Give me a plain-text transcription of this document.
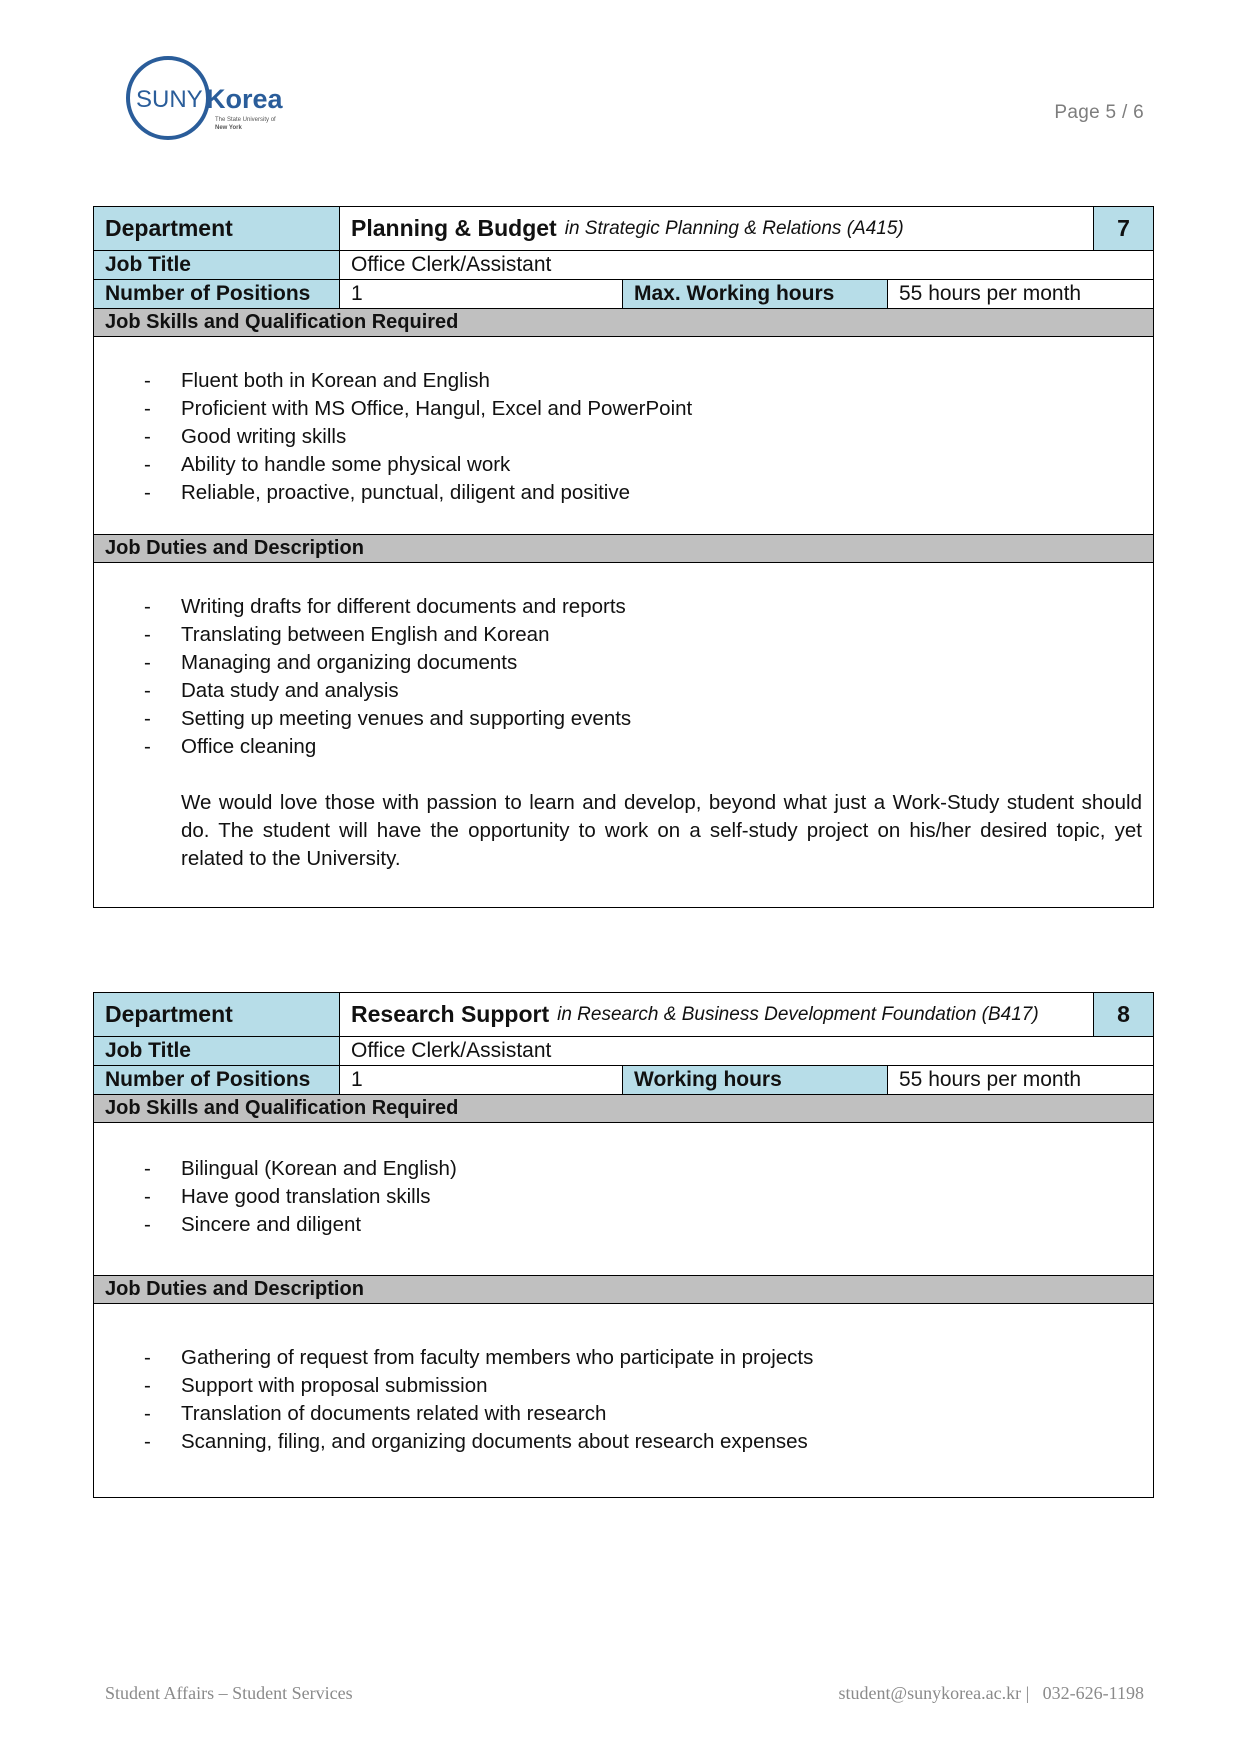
SUNY Korea
The State University of
New York
Page 5 / 6
Department	Planning & Budget in Strategic Planning & Relations (A415)	7
Job Title	Office Clerk/Assistant
Number of Positions	1	Max. Working hours	55 hours per month
Job Skills and Qualification Required
- Fluent both in Korean and English
- Proficient with MS Office, Hangul, Excel and PowerPoint
- Good writing skills
- Ability to handle some physical work
- Reliable, proactive, punctual, diligent and positive
Job Duties and Description
- Writing drafts for different documents and reports
- Translating between English and Korean
- Managing and organizing documents
- Data study and analysis
- Setting up meeting venues and supporting events
- Office cleaning
We would love those with passion to learn and develop, beyond what just a Work-Study student should do. The student will have the opportunity to work on a self-study project on his/her desired topic, yet related to the University.
Department	Research Support in Research & Business Development Foundation (B417)	8
Job Title	Office Clerk/Assistant
Number of Positions	1	Working hours	55 hours per month
Job Skills and Qualification Required
- Bilingual (Korean and English)
- Have good translation skills
- Sincere and diligent
Job Duties and Description
- Gathering of request from faculty members who participate in projects
- Support with proposal submission
- Translation of documents related with research
- Scanning, filing, and organizing documents about research expenses
Student Affairs – Student Services	student@sunykorea.ac.kr |   032-626-1198
